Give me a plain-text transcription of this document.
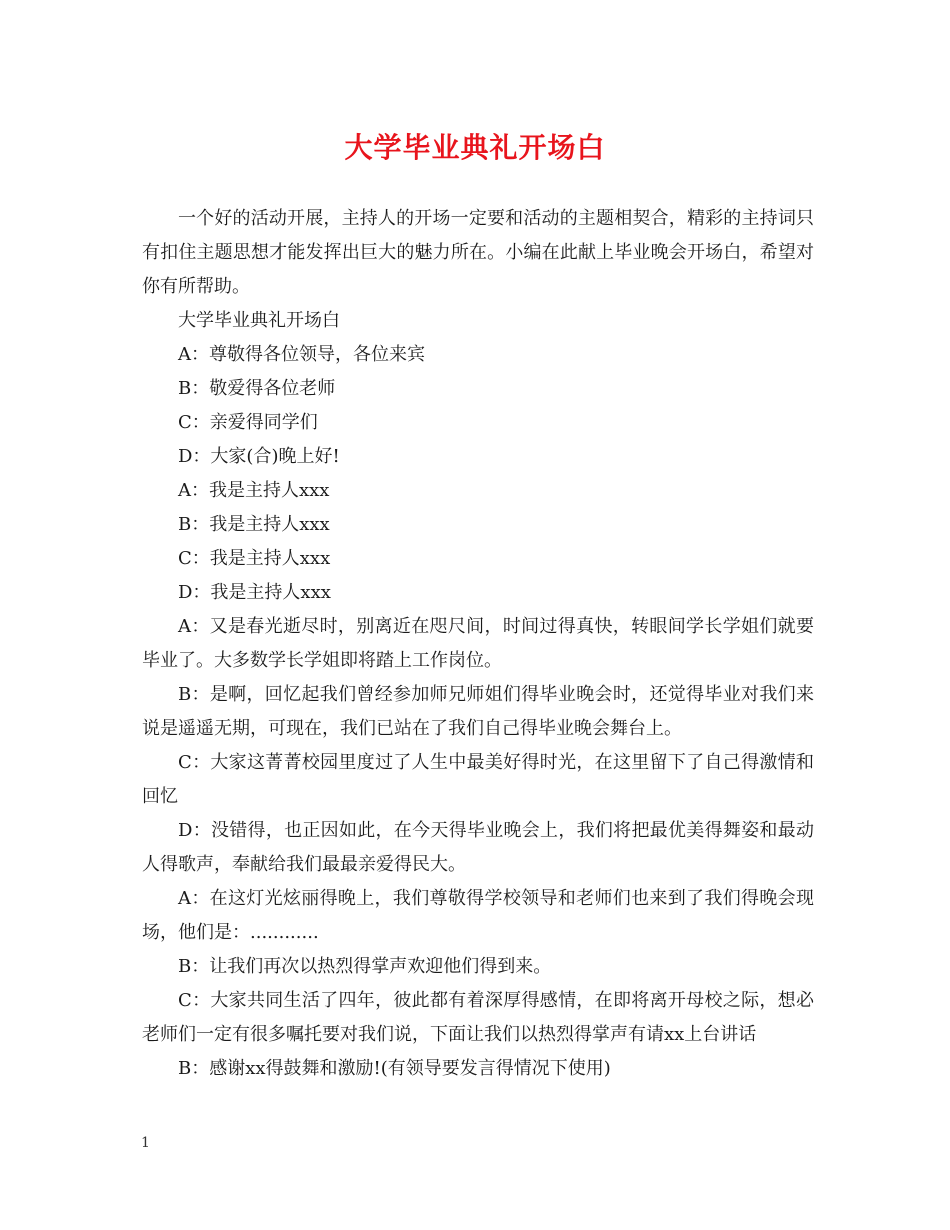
大学毕业典礼开场白

一个好的活动开展，主持人的开场一定要和活动的主题相契合，精彩的主持词只有扣住主题思想才能发挥出巨大的魅力所在。小编在此献上毕业晚会开场白，希望对你有所帮助。

大学毕业典礼开场白

A：尊敬得各位领导，各位来宾

B：敬爱得各位老师

C：亲爱得同学们

D：大家(合)晚上好!

A：我是主持人xxx

B：我是主持人xxx

C：我是主持人xxx

D：我是主持人xxx

A：又是春光逝尽时，别离近在咫尺间，时间过得真快，转眼间学长学姐们就要毕业了。大多数学长学姐即将踏上工作岗位。

B：是啊，回忆起我们曾经参加师兄师姐们得毕业晚会时，还觉得毕业对我们来说是遥遥无期，可现在，我们已站在了我们自己得毕业晚会舞台上。

C：大家这菁菁校园里度过了人生中最美好得时光，在这里留下了自己得激情和回忆

D：没错得，也正因如此，在今天得毕业晚会上，我们将把最优美得舞姿和最动人得歌声，奉献给我们最最亲爱得民大。

A：在这灯光炫丽得晚上，我们尊敬得学校领导和老师们也来到了我们得晚会现场，他们是：............

B：让我们再次以热烈得掌声欢迎他们得到来。

C：大家共同生活了四年，彼此都有着深厚得感情，在即将离开母校之际，想必老师们一定有很多嘱托要对我们说，下面让我们以热烈得掌声有请xx上台讲话

B：感谢xx得鼓舞和激励!(有领导要发言得情况下使用)

1
